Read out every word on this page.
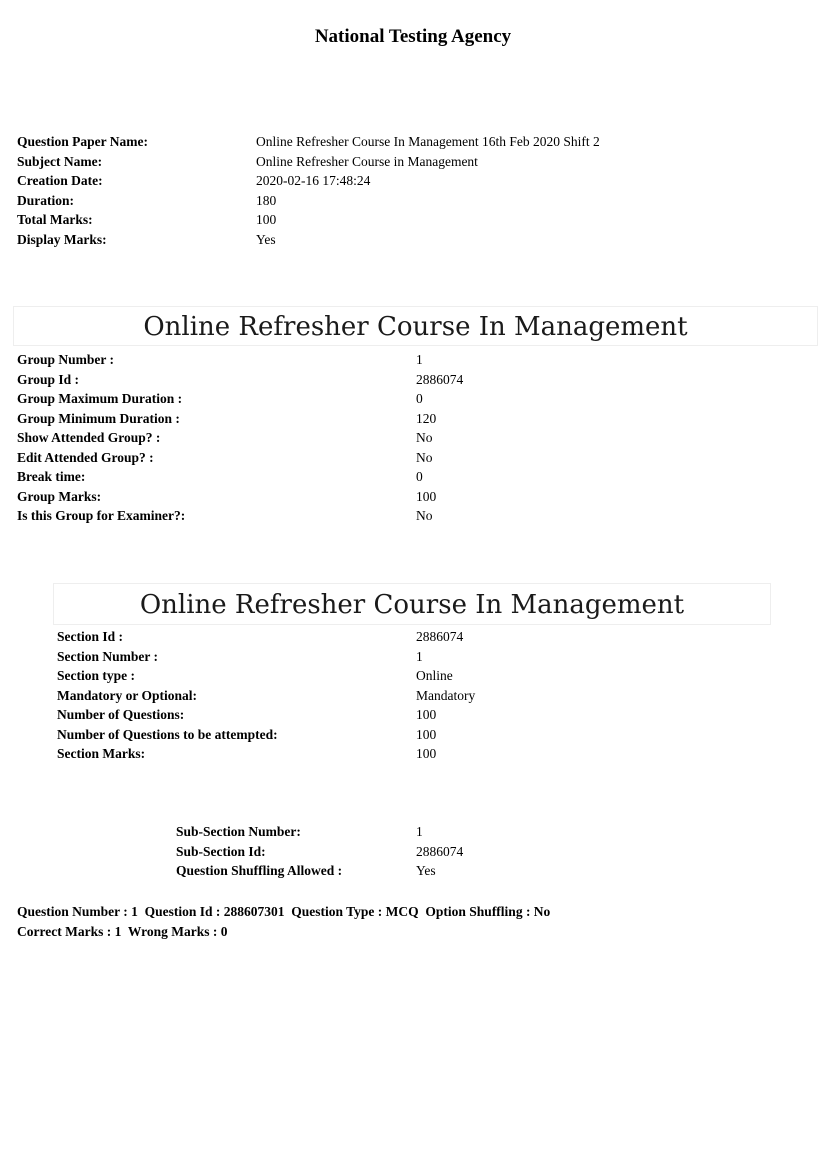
National Testing Agency
Question Paper Name:	Online Refresher Course In Management 16th Feb 2020 Shift 2
Subject Name:	Online Refresher Course in Management
Creation Date:	2020-02-16 17:48:24
Duration:	180
Total Marks:	100
Display Marks:	Yes
Online Refresher Course In Management
Group Number :	1
Group Id :	2886074
Group Maximum Duration :	0
Group Minimum Duration :	120
Show Attended Group? :	No
Edit Attended Group? :	No
Break time:	0
Group Marks:	100
Is this Group for Examiner?:	No
Online Refresher Course In Management
Section Id :	2886074
Section Number :	1
Section type :	Online
Mandatory or Optional:	Mandatory
Number of Questions:	100
Number of Questions to be attempted:	100
Section Marks:	100
Sub-Section Number:	1
Sub-Section Id:	2886074
Question Shuffling Allowed :	Yes
Question Number : 1  Question Id : 288607301  Question Type : MCQ  Option Shuffling : No
Correct Marks : 1  Wrong Marks : 0
